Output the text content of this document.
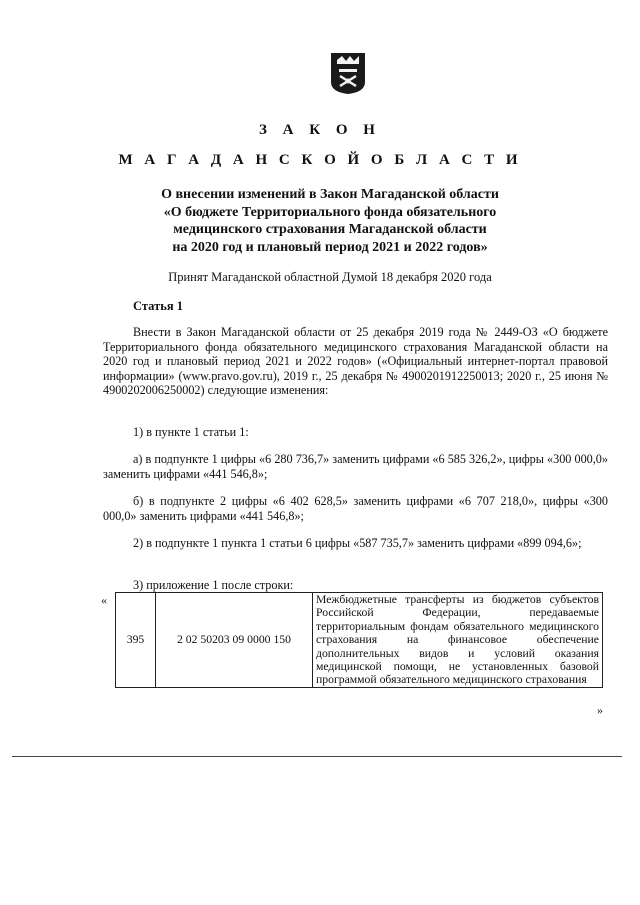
З А К О Н
М А Г А Д А Н С К О Й О Б Л А С Т И
О внесении изменений в Закон Магаданской области
«О бюджете Территориального фонда обязательного
медицинского страхования Магаданской области
на 2020 год и плановый период 2021 и 2022 годов»
Принят Магаданской областной Думой 18 декабря 2020 года
Статья 1
Внести в Закон Магаданской области от 25 декабря 2019 года № 2449-ОЗ «О бюджете Территориального фонда обязательного медицинского страхования Магаданской области на 2020 год и плановый период 2021 и 2022 годов» («Официальный интернет-портал правовой информации» (www.pravo.gov.ru), 2019 г., 25 декабря № 4900201912250013; 2020 г., 25 июня № 4900202006250002) следующие изменения:
1) в пункте 1 статьи 1:
а) в подпункте 1 цифры «6 280 736,7» заменить цифрами «6 585 326,2», цифры «300 000,0» заменить цифрами «441 546,8»;
б) в подпункте 2 цифры «6 402 628,5» заменить цифрами «6 707 218,0», цифры «300 000,0» заменить цифрами «441 546,8»;
2) в подпункте 1 пункта 1 статьи 6 цифры «587 735,7» заменить цифрами «899 094,6»;
3) приложение 1 после строки:
«
395	2 02 50203 09 0000 150	Межбюджетные трансферты из бюджетов субъектов Российской Федерации, передаваемые территориальным фондам обязательного медицинского страхования на финансовое обеспечение дополнительных видов и условий оказания медицинской помощи, не установленных базовой программой обязательного медицинского страхования
»
